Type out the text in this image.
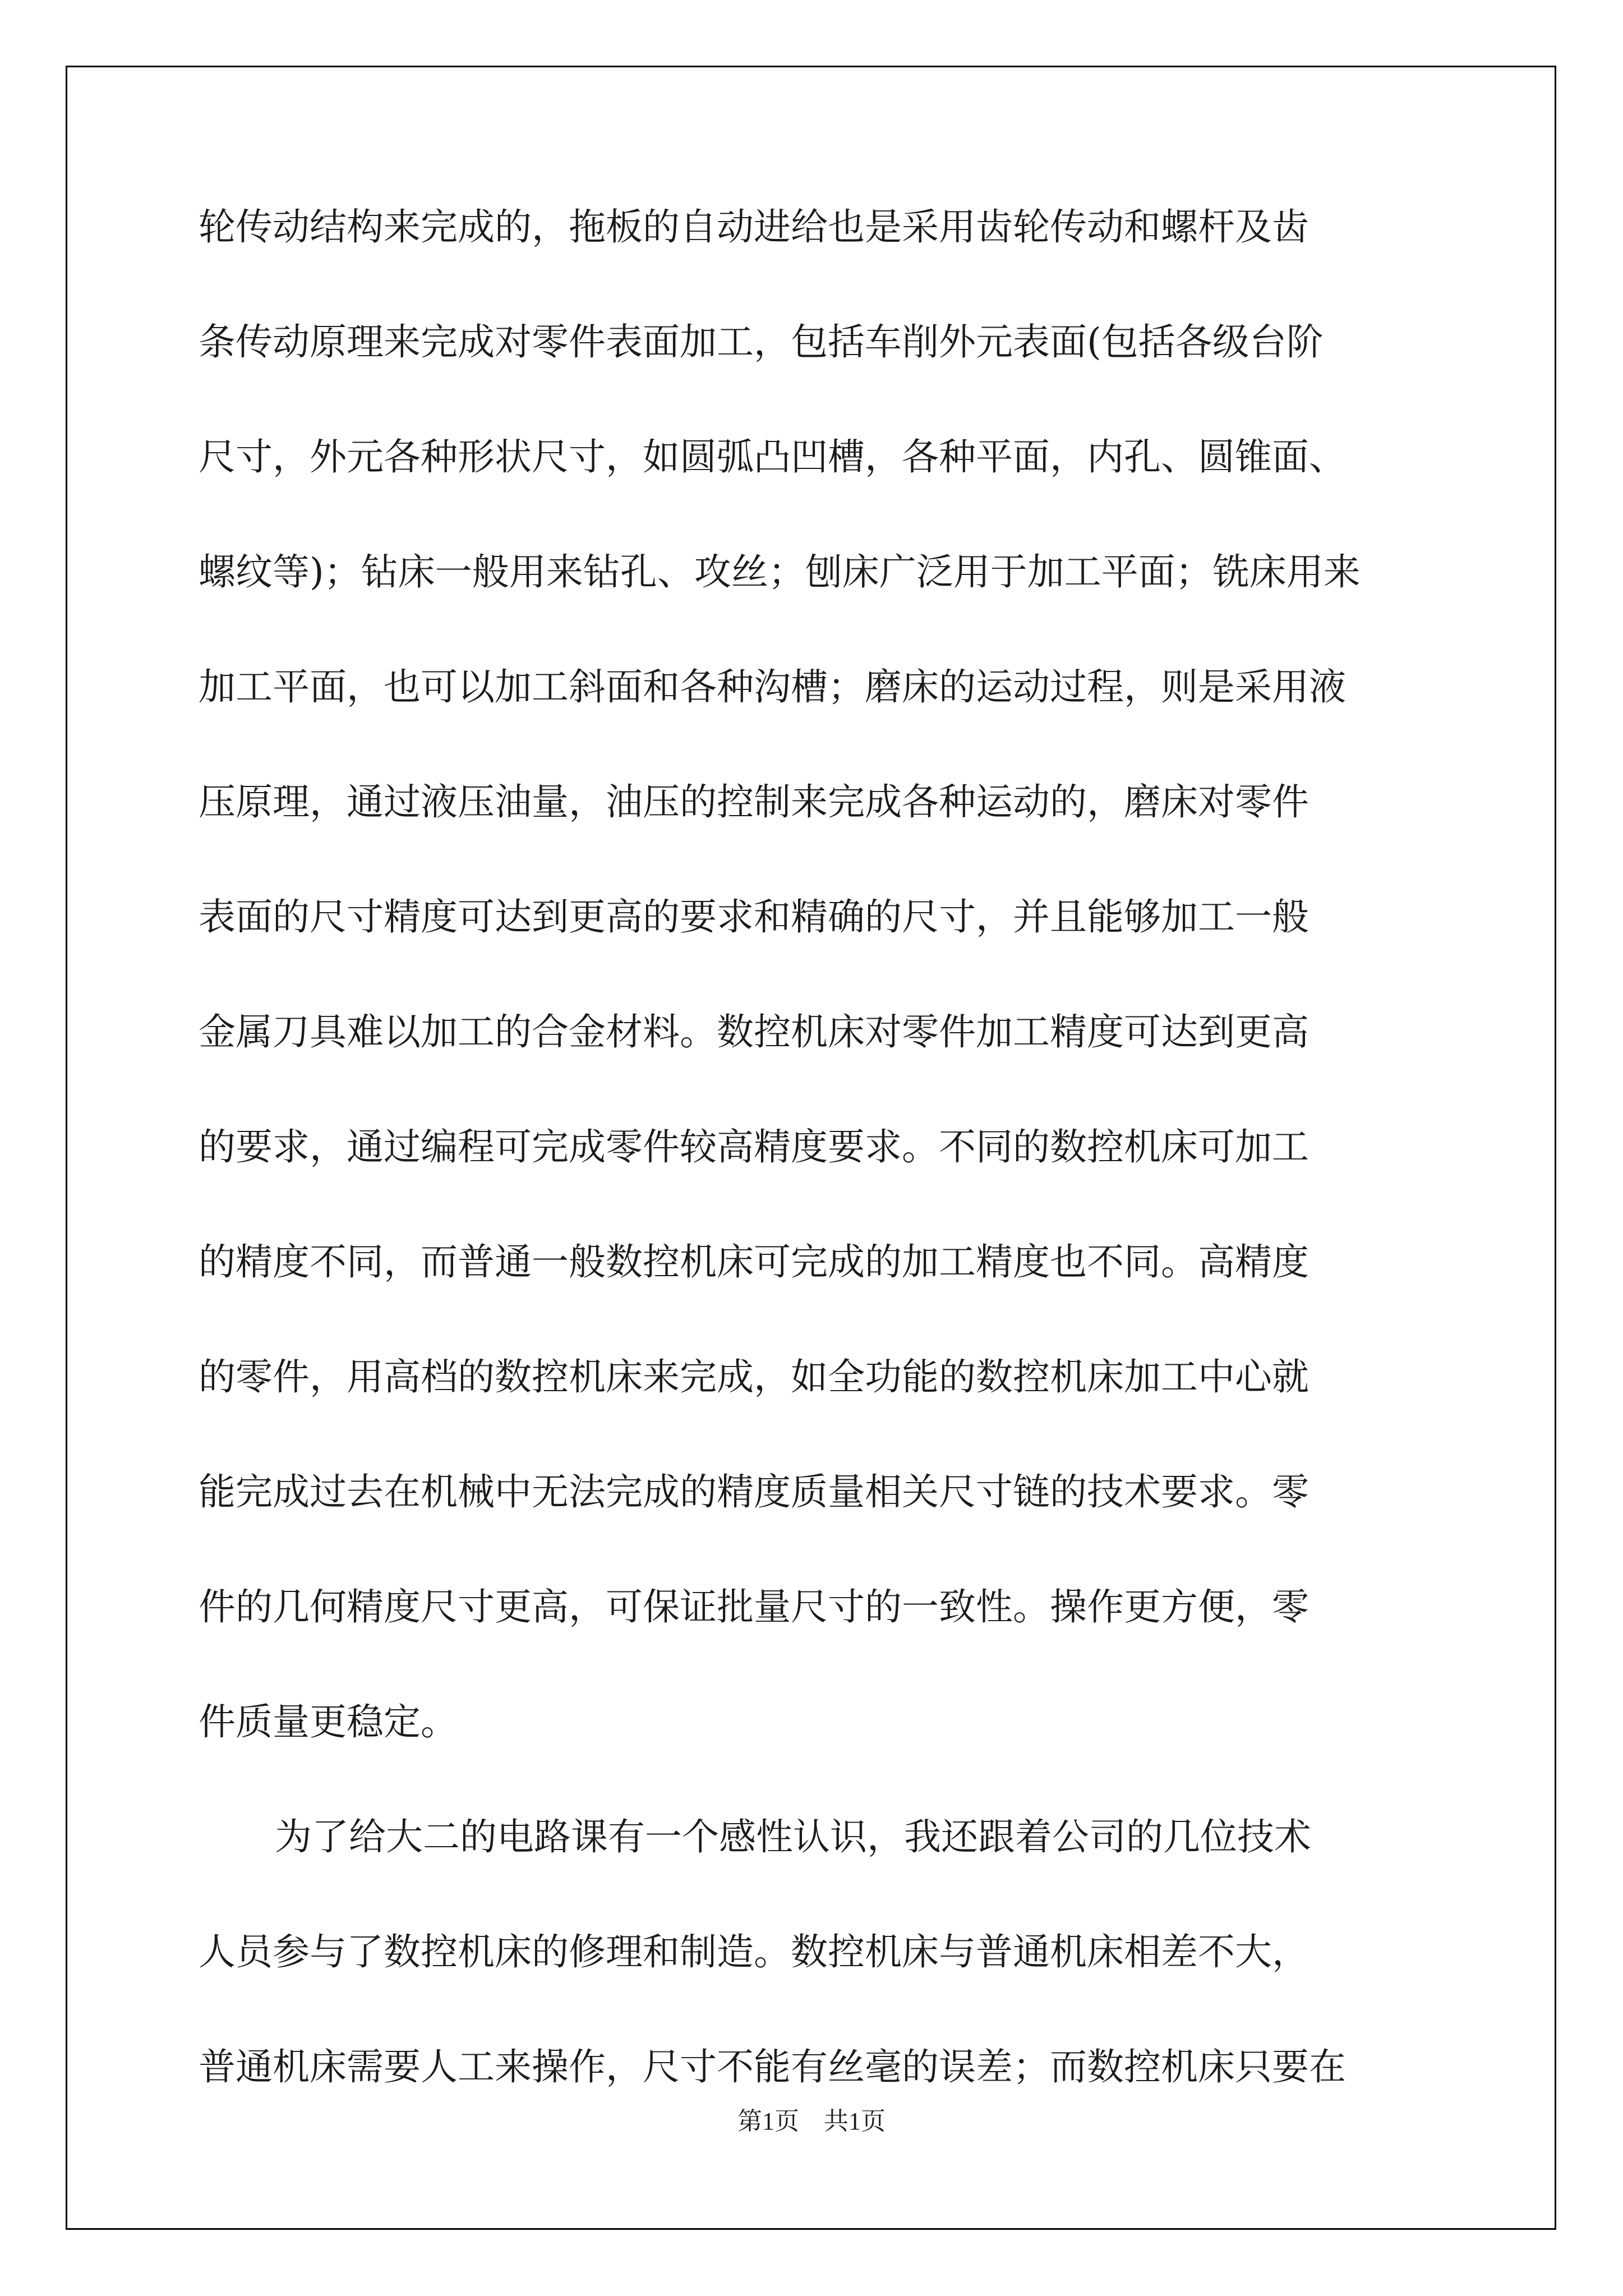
轮传动结构来完成的，拖板的自动进给也是采用齿轮传动和螺杆及齿
条传动原理来完成对零件表面加工，包括车削外元表面(包括各级台阶
尺寸，外元各种形状尺寸，如圆弧凸凹槽，各种平面，内孔、圆锥面、
螺纹等)；钻床一般用来钻孔、攻丝；刨床广泛用于加工平面；铣床用来
加工平面，也可以加工斜面和各种沟槽；磨床的运动过程，则是采用液
压原理，通过液压油量，油压的控制来完成各种运动的，磨床对零件
表面的尺寸精度可达到更高的要求和精确的尺寸，并且能够加工一般
金属刀具难以加工的合金材料。数控机床对零件加工精度可达到更高
的要求，通过编程可完成零件较高精度要求。不同的数控机床可加工
的精度不同，而普通一般数控机床可完成的加工精度也不同。高精度
的零件，用高档的数控机床来完成，如全功能的数控机床加工中心就
能完成过去在机械中无法完成的精度质量相关尺寸链的技术要求。零
件的几何精度尺寸更高，可保证批量尺寸的一致性。操作更方便，零
件质量更稳定。
为了给大二的电路课有一个感性认识，我还跟着公司的几位技术
人员参与了数控机床的修理和制造。数控机床与普通机床相差不大，
普通机床需要人工来操作，尺寸不能有丝毫的误差；而数控机床只要在
第1页 共1页
